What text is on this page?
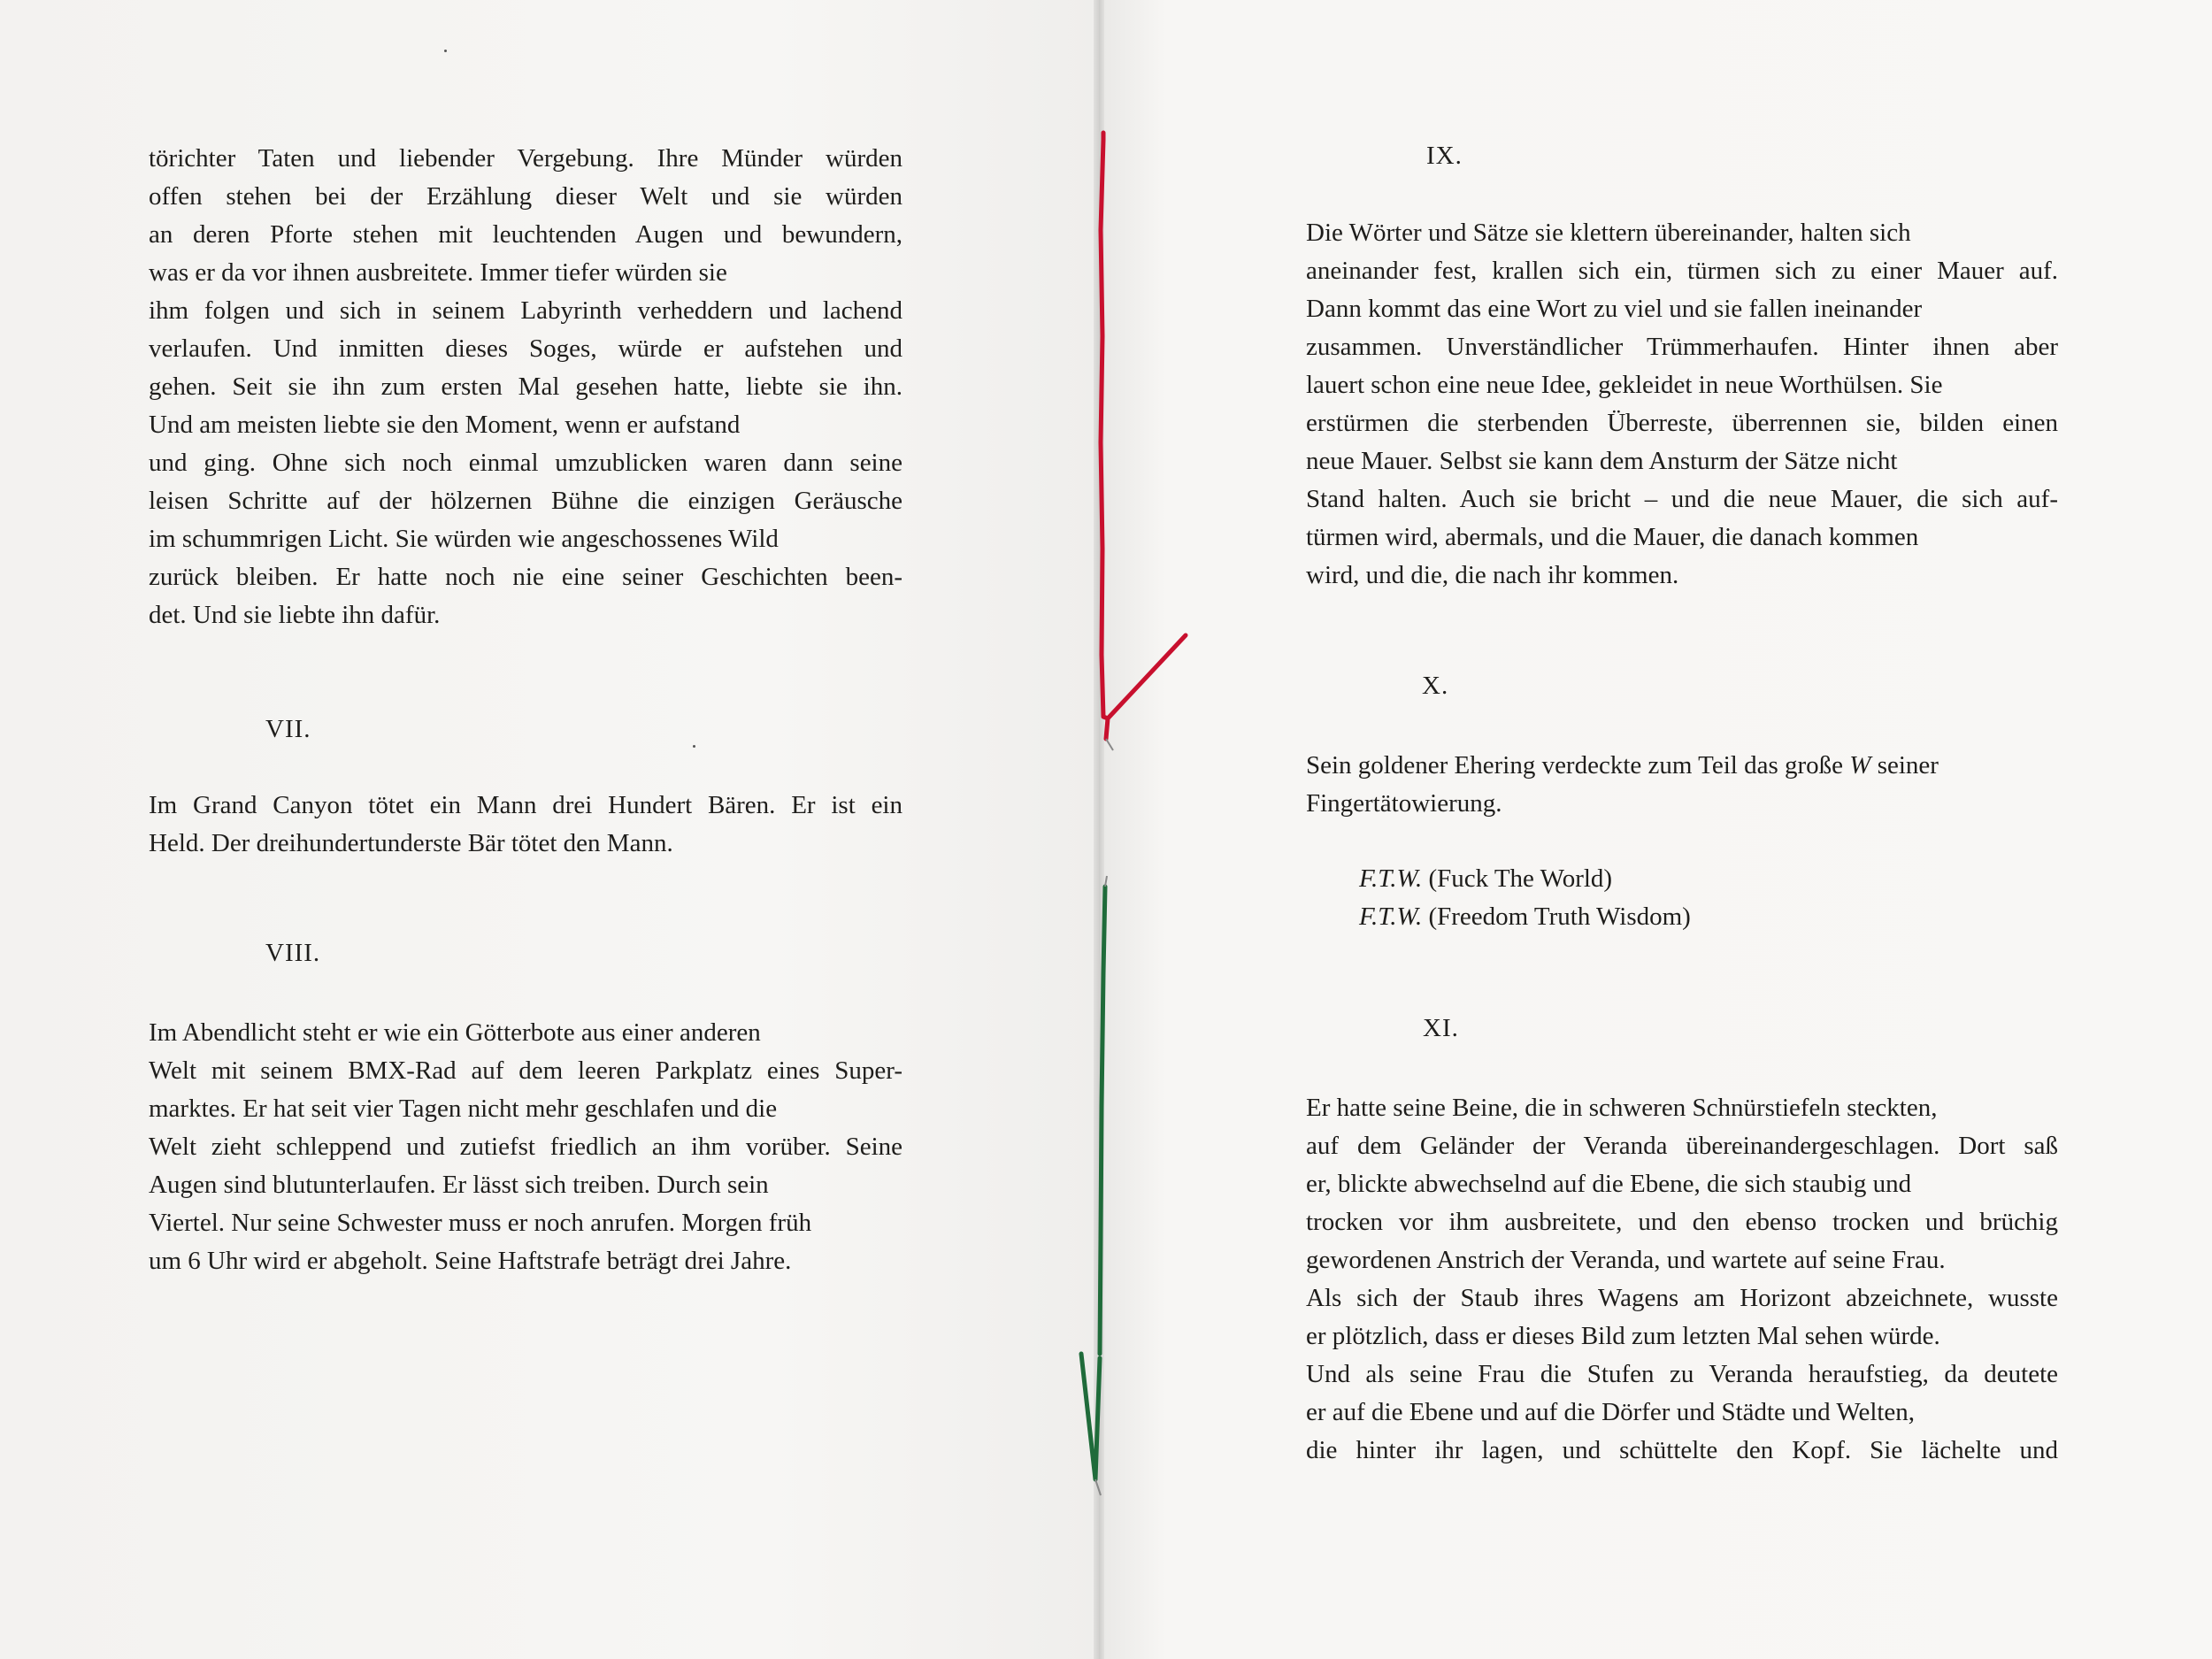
törichter Taten und liebender Vergebung. Ihre Münder würden
offen stehen bei der Erzählung dieser Welt und sie würden
an deren Pforte stehen mit leuchtenden Augen und bewundern,
was er da vor ihnen ausbreitete. Immer tiefer würden sie
ihm folgen und sich in seinem Labyrinth verheddern und lachend
verlaufen. Und inmitten dieses Soges, würde er aufstehen und
gehen. Seit sie ihn zum ersten Mal gesehen hatte, liebte sie ihn.
Und am meisten liebte sie den Moment, wenn er aufstand
und ging. Ohne sich noch einmal umzublicken waren dann seine
leisen Schritte auf der hölzernen Bühne die einzigen Geräusche
im schummrigen Licht. Sie würden wie angeschossenes Wild
zurück bleiben. Er hatte noch nie eine seiner Geschichten been-
det. Und sie liebte ihn dafür.
VII.
Im Grand Canyon tötet ein Mann drei Hundert Bären. Er ist ein
Held. Der dreihundertunderste Bär tötet den Mann.
VIII.
Im Abendlicht steht er wie ein Götterbote aus einer anderen
Welt mit seinem BMX-Rad auf dem leeren Parkplatz eines Super-
marktes. Er hat seit vier Tagen nicht mehr geschlafen und die
Welt zieht schleppend und zutiefst friedlich an ihm vorüber. Seine
Augen sind blutunterlaufen. Er lässt sich treiben. Durch sein
Viertel. Nur seine Schwester muss er noch anrufen. Morgen früh
um 6 Uhr wird er abgeholt. Seine Haftstrafe beträgt drei Jahre.
IX.
Die Wörter und Sätze sie klettern übereinander, halten sich
aneinander fest, krallen sich ein, türmen sich zu einer Mauer auf.
Dann kommt das eine Wort zu viel und sie fallen ineinander
zusammen. Unverständlicher Trümmerhaufen. Hinter ihnen aber
lauert schon eine neue Idee, gekleidet in neue Worthülsen. Sie
erstürmen die sterbenden Überreste, überrennen sie, bilden einen
neue Mauer. Selbst sie kann dem Ansturm der Sätze nicht
Stand halten. Auch sie bricht – und die neue Mauer, die sich auf-
türmen wird, abermals, und die Mauer, die danach kommen
wird, und die, die nach ihr kommen.
X.
Sein goldener Ehering verdeckte zum Teil das große W seiner
Fingertätowierung.
F.T.W. (Fuck The World)
F.T.W. (Freedom Truth Wisdom)
XI.
Er hatte seine Beine, die in schweren Schnürstiefeln steckten,
auf dem Geländer der Veranda übereinandergeschlagen. Dort saß
er, blickte abwechselnd auf die Ebene, die sich staubig und
trocken vor ihm ausbreitete, und den ebenso trocken und brüchig
gewordenen Anstrich der Veranda, und wartete auf seine Frau.
Als sich der Staub ihres Wagens am Horizont abzeichnete, wusste
er plötzlich, dass er dieses Bild zum letzten Mal sehen würde.
Und als seine Frau die Stufen zu Veranda heraufstieg, da deutete
er auf die Ebene und auf die Dörfer und Städte und Welten,
die hinter ihr lagen, und schüttelte den Kopf. Sie lächelte und
